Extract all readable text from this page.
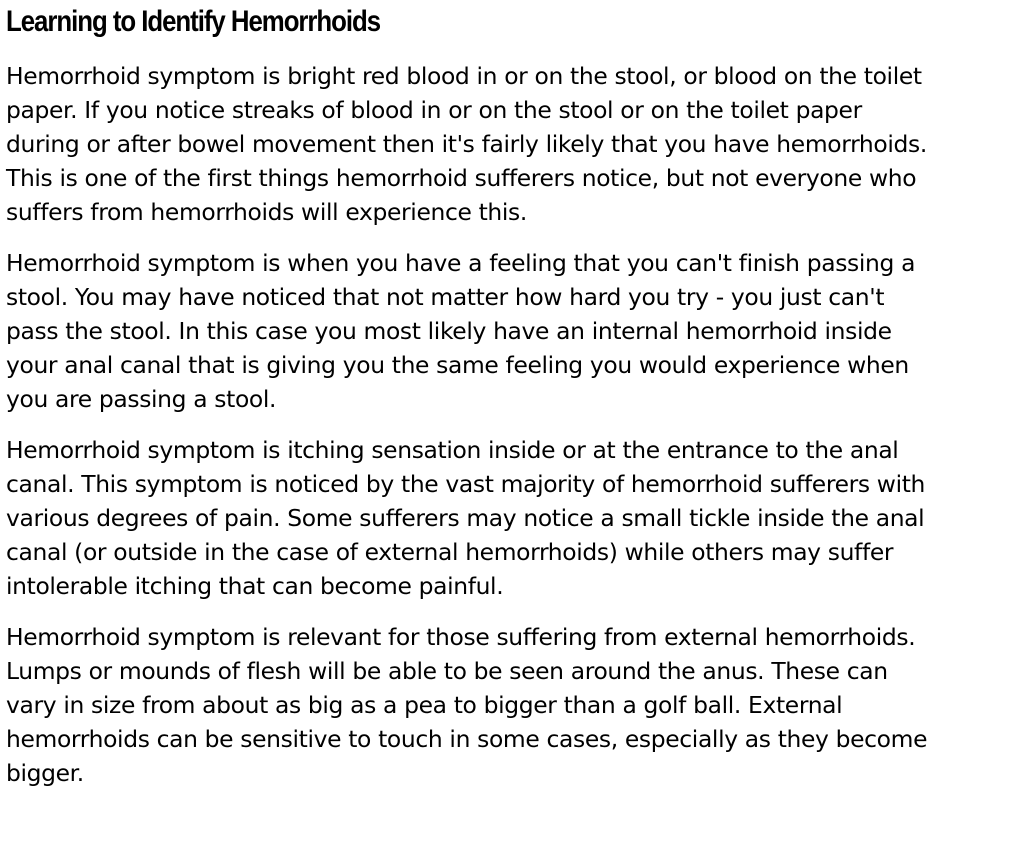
Learning to Identify Hemorrhoids

Hemorrhoid symptom is bright red blood in or on the stool, or blood on the toilet
paper. If you notice streaks of blood in or on the stool or on the toilet paper
during or after bowel movement then it's fairly likely that you have hemorrhoids.
This is one of the first things hemorrhoid sufferers notice, but not everyone who
suffers from hemorrhoids will experience this.

Hemorrhoid symptom is when you have a feeling that you can't finish passing a
stool. You may have noticed that not matter how hard you try - you just can't
pass the stool. In this case you most likely have an internal hemorrhoid inside
your anal canal that is giving you the same feeling you would experience when
you are passing a stool.

Hemorrhoid symptom is itching sensation inside or at the entrance to the anal
canal. This symptom is noticed by the vast majority of hemorrhoid sufferers with
various degrees of pain. Some sufferers may notice a small tickle inside the anal
canal (or outside in the case of external hemorrhoids) while others may suffer
intolerable itching that can become painful.

Hemorrhoid symptom is relevant for those suffering from external hemorrhoids.
Lumps or mounds of flesh will be able to be seen around the anus. These can
vary in size from about as big as a pea to bigger than a golf ball. External
hemorrhoids can be sensitive to touch in some cases, especially as they become
bigger.
